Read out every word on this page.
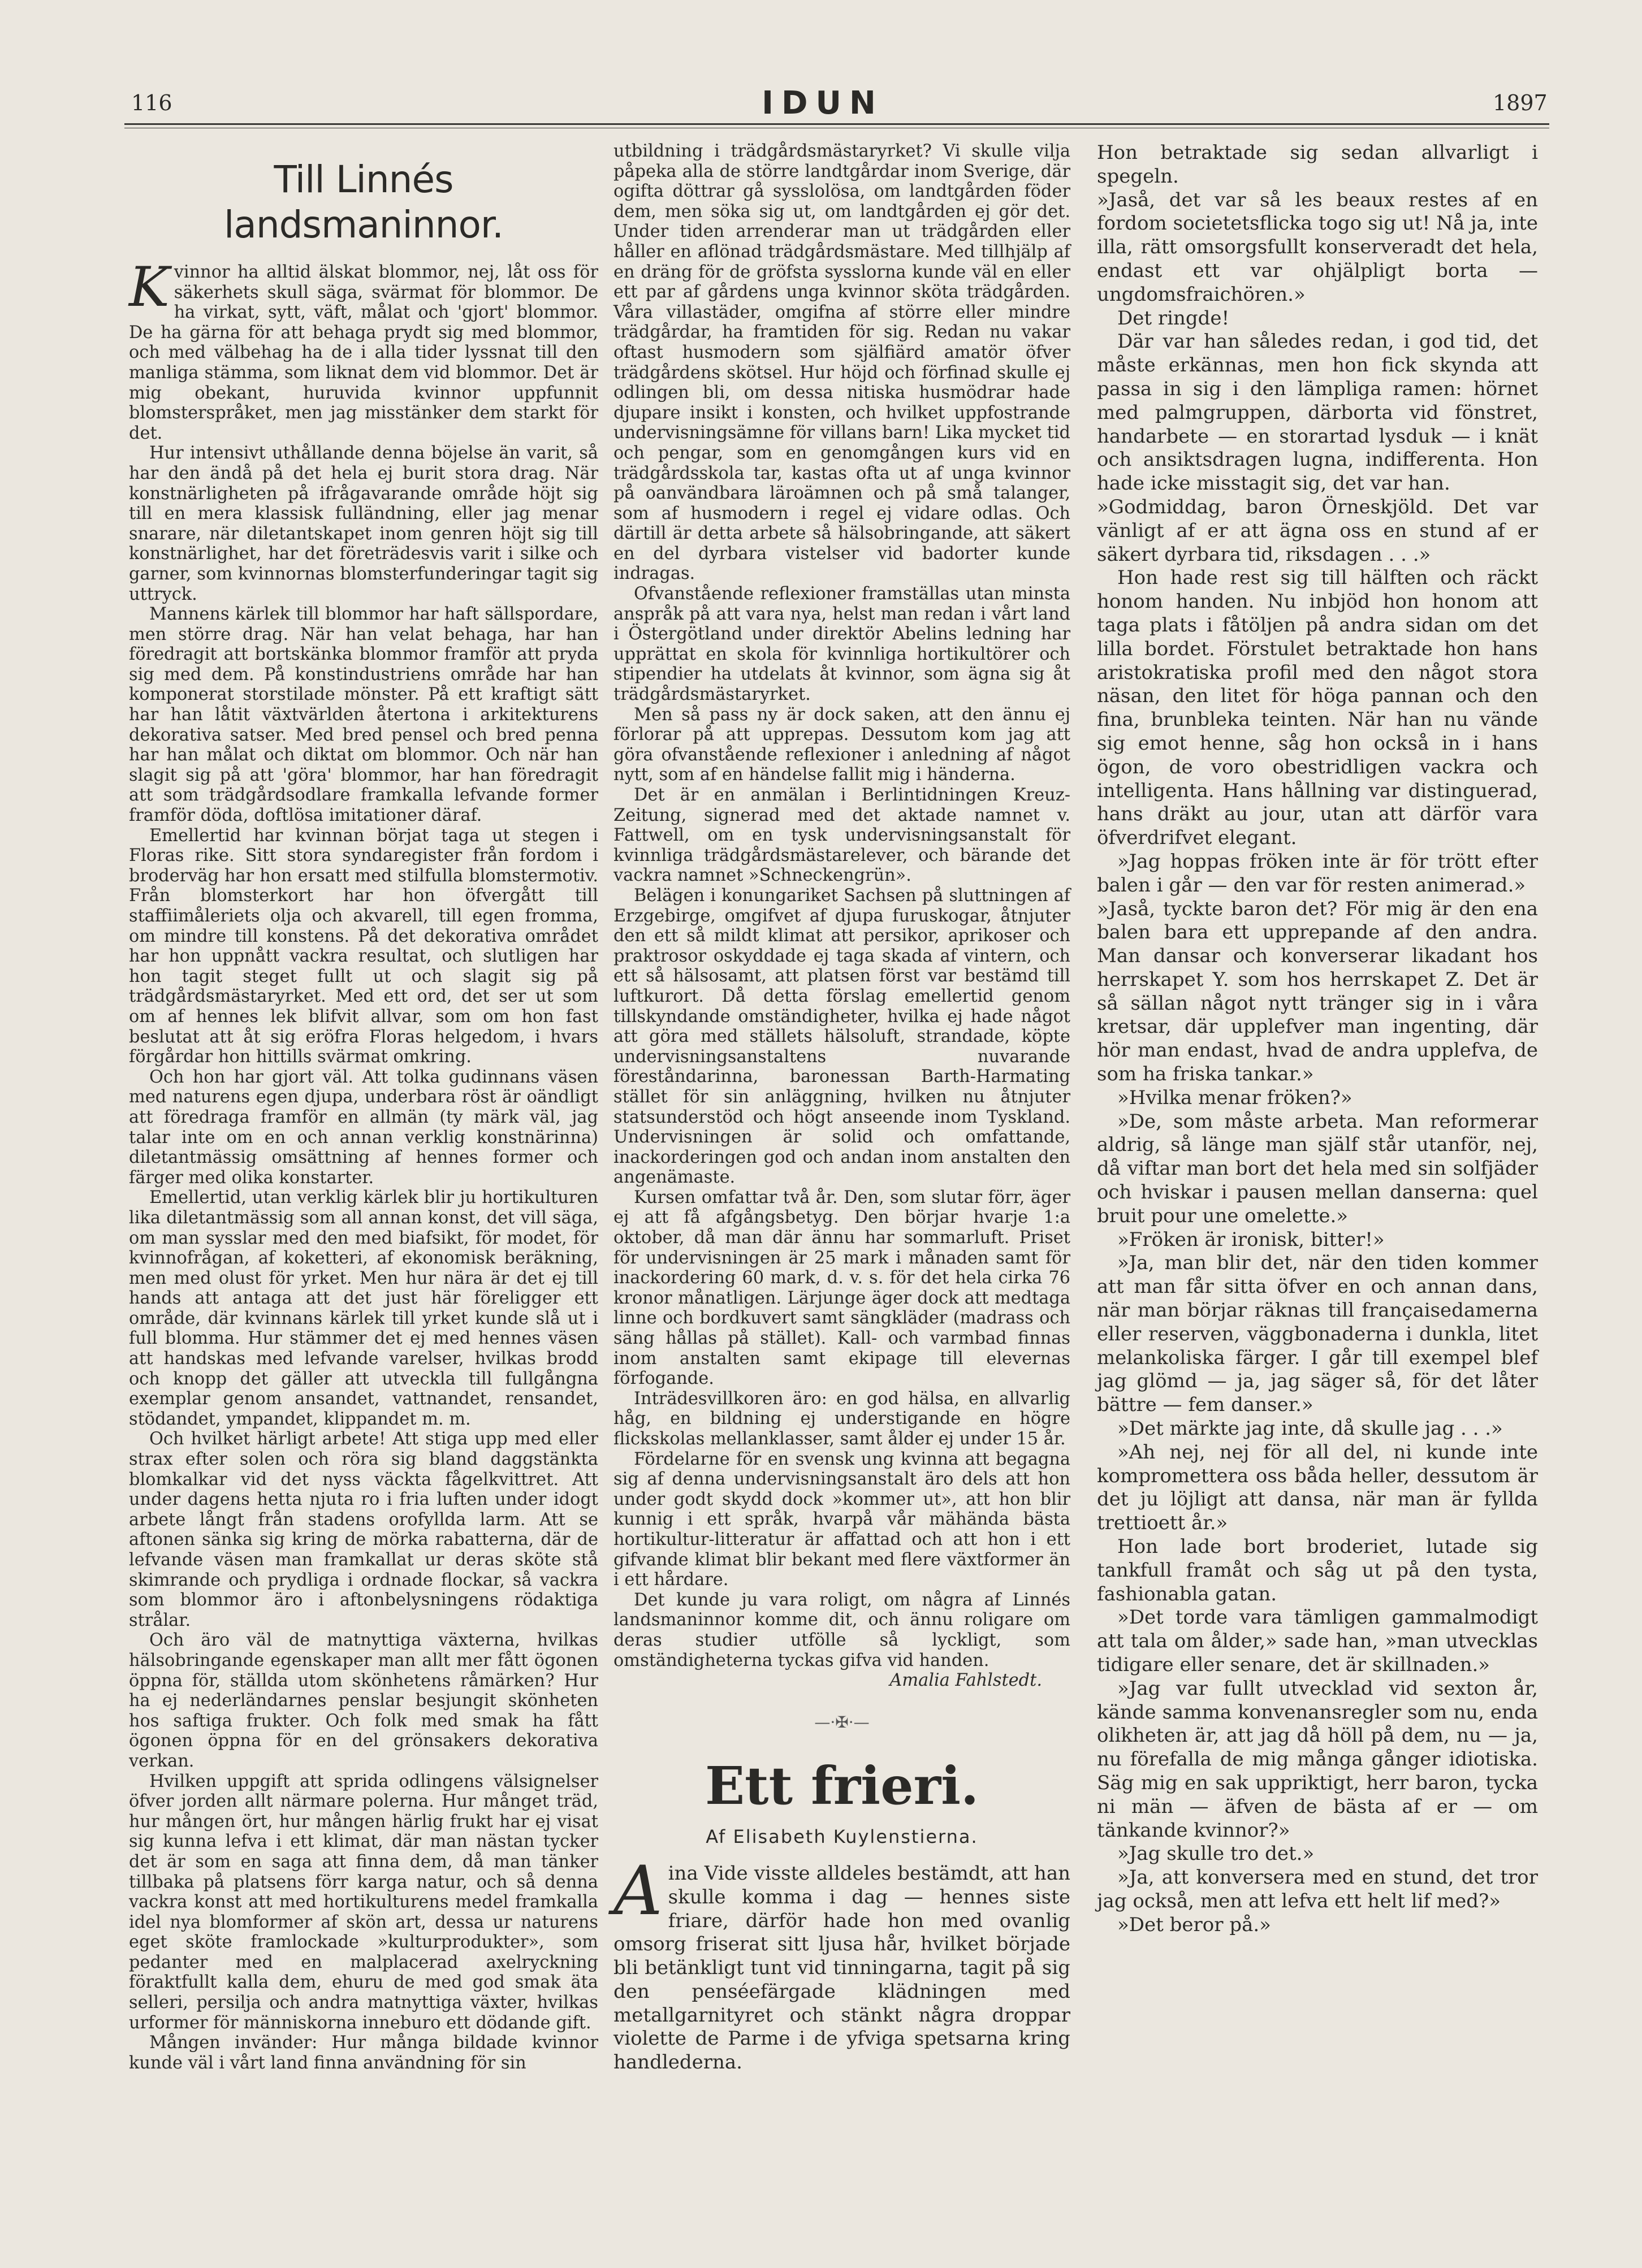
116	IDUN	1897
Till Linnés landsmaninnor.

Kvinnor ha alltid älskat blommor, nej, låt oss för säkerhets skull säga, svärmat för blommor. De ha virkat, sytt, väft, målat och 'gjort' blommor. De ha gärna för att behaga prydt sig med blommor, och med välbehag ha de i alla tider lyssnat till den manliga stämma, som liknat dem vid blommor. Det är mig obekant, huruvida kvinnor uppfunnit blomsterspråket, men jag misstänker dem starkt för det.

Hur intensivt uthållande denna böjelse än varit, så har den ändå på det hela ej burit stora drag. När konstnärligheten på ifrågavarande område höjt sig till en mera klassisk fulländning, eller jag menar snarare, när diletantskapet inom genren höjt sig till konstnärlighet, har det företrädesvis varit i silke och garner, som kvinnornas blomsterfunderingar tagit sig uttryck.

Mannens kärlek till blommor har haft sällspordare, men större drag. När han velat behaga, har han föredragit att bortskänka blommor framför att pryda sig med dem. På konstindustriens område har han komponerat storstilade mönster. På ett kraftigt sätt har han låtit växtvärlden återtona i arkitekturens dekorativa satser. Med bred pensel och bred penna har han målat och diktat om blommor. Och när han slagit sig på att 'göra' blommor, har han föredragit att som trädgårdsodlare framkalla lefvande former framför döda, doftlösa imitationer däraf.

Emellertid har kvinnan börjat taga ut stegen i Floras rike. Sitt stora syndaregister från fordom i broderväg har hon ersatt med stilfulla blomstermotiv. Från blomsterkort har hon öfvergått till staffiimåleriets olja och akvarell, till egen fromma, om mindre till konstens. På det dekorativa området har hon uppnått vackra resultat, och slutligen har hon tagit steget fullt ut och slagit sig på trädgårdsmästaryrket. Med ett ord, det ser ut som om af hennes lek blifvit allvar, som om hon fast beslutat att åt sig eröfra Floras helgedom, i hvars förgårdar hon hittills svärmat omkring.

Och hon har gjort väl. Att tolka gudinnans väsen med naturens egen djupa, underbara röst är oändligt att föredraga framför en allmän (ty märk väl, jag talar inte om en och annan verklig konstnärinna) diletantmässig omsättning af hennes former och färger med olika konstarter.

Emellertid, utan verklig kärlek blir ju hortikulturen lika diletantmässig som all annan konst, det vill säga, om man sysslar med den med biafsikt, för modet, för kvinnofrågan, af koketteri, af ekonomisk beräkning, men med olust för yrket. Men hur nära är det ej till hands att antaga att det just här föreligger ett område, där kvinnans kärlek till yrket kunde slå ut i full blomma. Hur stämmer det ej med hennes väsen att handskas med lefvande varelser, hvilkas brodd och knopp det gäller att utveckla till fullgångna exemplar genom ansandet, vattnandet, rensandet, stödandet, ympandet, klippandet m. m.

Och hvilket härligt arbete! Att stiga upp med eller strax efter solen och röra sig bland daggstänkta blomkalkar vid det nyss väckta fågelkvittret. Att under dagens hetta njuta ro i fria luften under idogt arbete långt från stadens orofyllda larm. Att se aftonen sänka sig kring de mörka rabatterna, där de lefvande väsen man framkallat ur deras sköte stå skimrande och prydliga i ordnade flockar, så vackra som blommor äro i aftonbelysningens rödaktiga strålar.

Och äro väl de matnyttiga växterna, hvilkas hälsobringande egenskaper man allt mer fått ögonen öppna för, ställda utom skönhetens råmärken? Hur ha ej nederländarnes penslar besjungit skönheten hos saftiga frukter. Och folk med smak ha fått ögonen öppna för en del grönsakers dekorativa verkan.

Hvilken uppgift att sprida odlingens välsignelser öfver jorden allt närmare polerna. Hur månget träd, hur mången ört, hur mången härlig frukt har ej visat sig kunna lefva i ett klimat, där man nästan tycker det är som en saga att finna dem, då man tänker tillbaka på platsens förr karga natur, och så denna vackra konst att med hortikulturens medel framkalla idel nya blomformer af skön art, dessa ur naturens eget sköte framlockade »kulturprodukter», som pedanter med en malplacerad axelryckning föraktfullt kalla dem, ehuru de med god smak äta selleri, persilja och andra matnyttiga växter, hvilkas urformer för människorna inneburo ett dödande gift.

Mången invänder: Hur många bildade kvinnor kunde väl i vårt land finna användning för sin

utbildning i trädgårdsmästaryrket? Vi skulle vilja påpeka alla de större landtgårdar inom Sverige, där ogifta döttrar gå sysslolösa, om landtgården föder dem, men söka sig ut, om landtgården ej gör det. Under tiden arrenderar man ut trädgården eller håller en aflönad trädgårdsmästare. Med tillhjälp af en dräng för de gröfsta sysslorna kunde väl en eller ett par af gårdens unga kvinnor sköta trädgården. Våra villastäder, omgifna af större eller mindre trädgårdar, ha framtiden för sig. Redan nu vakar oftast husmodern som själfiärd amatör öfver trädgårdens skötsel. Hur höjd och förfinad skulle ej odlingen bli, om dessa nitiska husmödrar hade djupare insikt i konsten, och hvilket uppfostrande undervisningsämne för villans barn! Lika mycket tid och pengar, som en genomgången kurs vid en trädgårdsskola tar, kastas ofta ut af unga kvinnor på oanvändbara läroämnen och på små talanger, som af husmodern i regel ej vidare odlas. Och därtill är detta arbete så hälsobringande, att säkert en del dyrbara vistelser vid badorter kunde indragas.

Ofvanstående reflexioner framställas utan minsta anspråk på att vara nya, helst man redan i vårt land i Östergötland under direktör Abelins ledning har upprättat en skola för kvinnliga hortikultörer och stipendier ha utdelats åt kvinnor, som ägna sig åt trädgårdsmästaryrket.

Men så pass ny är dock saken, att den ännu ej förlorar på att upprepas. Dessutom kom jag att göra ofvanstående reflexioner i anledning af något nytt, som af en händelse fallit mig i händerna.

Det är en anmälan i Berlintidningen Kreuz-Zeitung, signerad med det aktade namnet v. Fattwell, om en tysk undervisningsanstalt för kvinnliga trädgårdsmästarelever, och bärande det vackra namnet »Schneckengrün».

Belägen i konungariket Sachsen på sluttningen af Erzgebirge, omgifvet af djupa furuskogar, åtnjuter den ett så mildt klimat att persikor, aprikoser och praktrosor oskyddade ej taga skada af vintern, och ett så hälsosamt, att platsen först var bestämd till luftkurort. Då detta förslag emellertid genom tillskyndande omständigheter, hvilka ej hade något att göra med ställets hälsoluft, strandade, köpte undervisningsanstaltens nuvarande föreståndarinna, baronessan Barth-Harmating stället för sin anläggning, hvilken nu åtnjuter statsunderstöd och högt anseende inom Tyskland. Undervisningen är solid och omfattande, inackorderingen god och andan inom anstalten den angenämaste.

Kursen omfattar två år. Den, som slutar förr, äger ej att få afgångsbetyg. Den börjar hvarje 1:a oktober, då man där ännu har sommarluft. Priset för undervisningen är 25 mark i månaden samt för inackordering 60 mark, d. v. s. för det hela cirka 76 kronor månatligen. Lärjunge äger dock att medtaga linne och bordkuvert samt sängkläder (madrass och säng hållas på stället). Kall- och varmbad finnas inom anstalten samt ekipage till elevernas förfogande.

Inträdesvillkoren äro: en god hälsa, en allvarlig håg, en bildning ej understigande en högre flickskolas mellanklasser, samt ålder ej under 15 år.

Fördelarne för en svensk ung kvinna att begagna sig af denna undervisningsanstalt äro dels att hon under godt skydd dock »kommer ut», att hon blir kunnig i ett språk, hvarpå vår mähända bästa hortikultur-litteratur är affattad och att hon i ett gifvande klimat blir bekant med flere växtformer än i ett hårdare.

Det kunde ju vara roligt, om några af Linnés landsmaninnor komme dit, och ännu roligare om deras studier utfölle så lyckligt, som omständigheterna tyckas gifva vid handen.

Amalia Fahlstedt.
—·✠·—
Ett frieri.
Af Elisabeth Kuylenstierna.

Aina Vide visste alldeles bestämdt, att han skulle komma i dag — hennes siste friare, därför hade hon med ovanlig omsorg friserat sitt ljusa hår, hvilket började bli betänkligt tunt vid tinningarna, tagit på sig den penséefärgade klädningen med metallgarnityret och stänkt några droppar violette de Parme i de yfviga spetsarna kring handlederna.

Hon betraktade sig sedan allvarligt i spegeln.

»Jaså, det var så les beaux restes af en fordom societetsflicka togo sig ut! Nå ja, inte illa, rätt omsorgsfullt konserveradt det hela, endast ett var ohjälpligt borta — ungdomsfraichören.»

Det ringde!

Där var han således redan, i god tid, det måste erkännas, men hon fick skynda att passa in sig i den lämpliga ramen: hörnet med palmgruppen, därborta vid fönstret, handarbete — en storartad lysduk — i knät och ansiktsdragen lugna, indifferenta. Hon hade icke misstagit sig, det var han.

»Godmiddag, baron Örneskjöld. Det var vänligt af er att ägna oss en stund af er säkert dyrbara tid, riksdagen . . .»

Hon hade rest sig till hälften och räckt honom handen. Nu inbjöd hon honom att taga plats i fåtöljen på andra sidan om det lilla bordet. Förstulet betraktade hon hans aristokratiska profil med den något stora näsan, den litet för höga pannan och den fina, brunbleka teinten. När han nu vände sig emot henne, såg hon också in i hans ögon, de voro obestridligen vackra och intelligenta. Hans hållning var distinguerad, hans dräkt au jour, utan att därför vara öfverdrifvet elegant.

»Jag hoppas fröken inte är för trött efter balen i går — den var för resten animerad.»

»Jaså, tyckte baron det? För mig är den ena balen bara ett upprepande af den andra. Man dansar och konverserar likadant hos herrskapet Y. som hos herrskapet Z. Det är så sällan något nytt tränger sig in i våra kretsar, där upplefver man ingenting, där hör man endast, hvad de andra upplefva, de som ha friska tankar.»

»Hvilka menar fröken?»

»De, som måste arbeta. Man reformerar aldrig, så länge man själf står utanför, nej, då viftar man bort det hela med sin solfjäder och hviskar i pausen mellan danserna: quel bruit pour une omelette.»

»Fröken är ironisk, bitter!»

»Ja, man blir det, när den tiden kommer att man får sitta öfver en och annan dans, när man börjar räknas till françaisedamerna eller reserven, väggbonaderna i dunkla, litet melankoliska färger. I går till exempel blef jag glömd — ja, jag säger så, för det låter bättre — fem danser.»

»Det märkte jag inte, då skulle jag . . .»

»Ah nej, nej för all del, ni kunde inte kompromettera oss båda heller, dessutom är det ju löjligt att dansa, när man är fyllda trettioett år.»

Hon lade bort broderiet, lutade sig tankfull framåt och såg ut på den tysta, fashionabla gatan.

»Det torde vara tämligen gammalmodigt att tala om ålder,» sade han, »man utvecklas tidigare eller senare, det är skillnaden.»

»Jag var fullt utvecklad vid sexton år, kände samma konvenansregler som nu, enda olikheten är, att jag då höll på dem, nu — ja, nu förefalla de mig många gånger idiotiska. Säg mig en sak uppriktigt, herr baron, tycka ni män — äfven de bästa af er — om tänkande kvinnor?»

»Jag skulle tro det.»

»Ja, att konversera med en stund, det tror jag också, men att lefva ett helt lif med?»

»Det beror på.»
